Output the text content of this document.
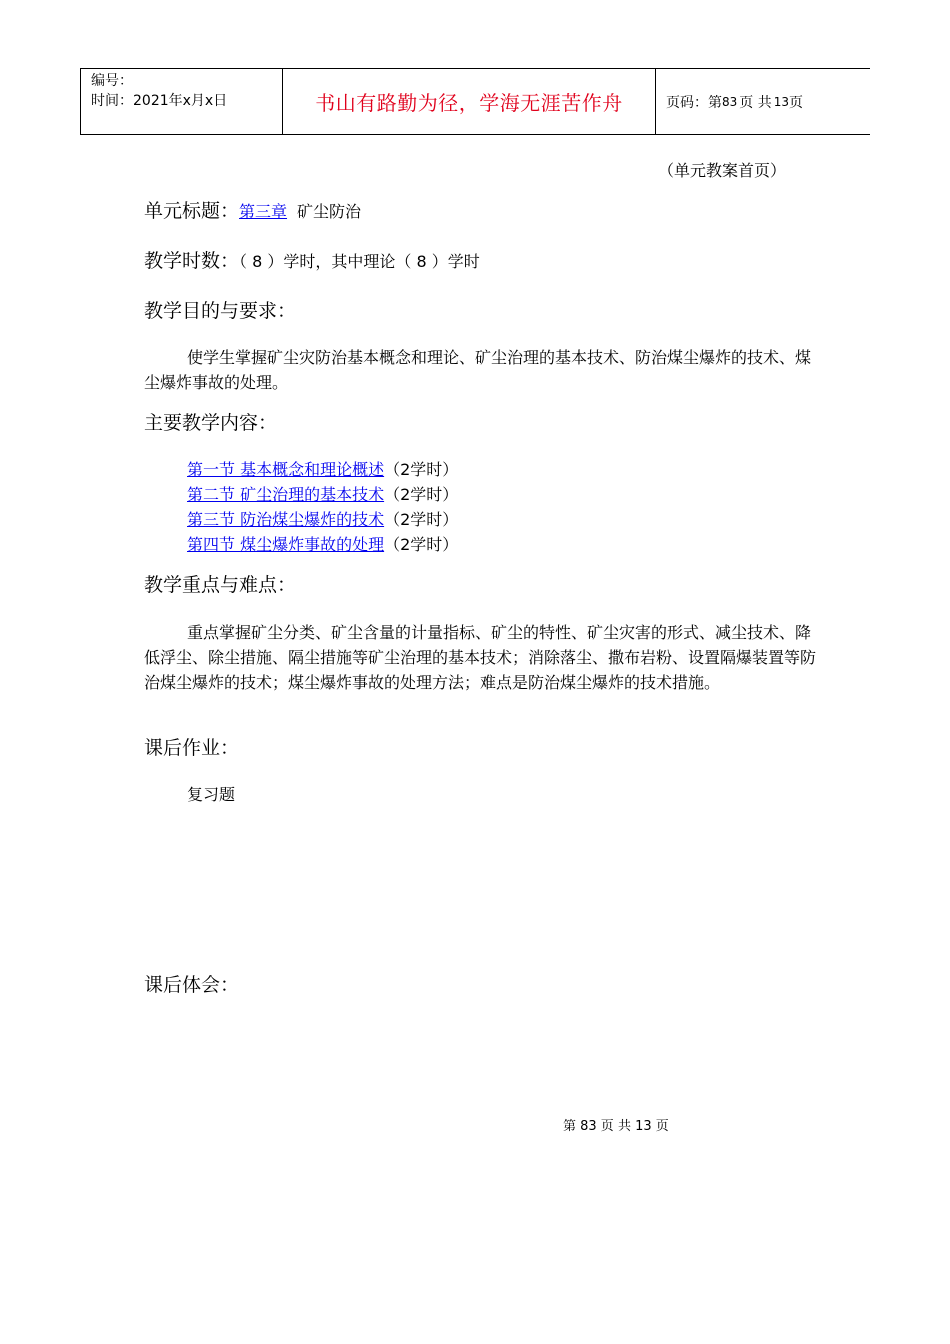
编号：
时间：2021年x月x日	书山有路勤为径，学海无涯苦作舟	页码：第 83 页 共 13 页
（单元教案首页）
单元标题：第三章 矿尘防治
教学时数：（ 8 ）学时，其中理论（ 8 ）学时
教学目的与要求：
使学生掌握矿尘灾防治基本概念和理论、矿尘治理的基本技术、防治煤尘爆炸的技术、煤尘爆炸事故的处理。
主要教学内容：
第一节 基本概念和理论概述（2学时）
第二节 矿尘治理的基本技术（2学时）
第三节 防治煤尘爆炸的技术（2学时）
第四节 煤尘爆炸事故的处理（2学时）
教学重点与难点：
重点掌握矿尘分类、矿尘含量的计量指标、矿尘的特性、矿尘灾害的形式、减尘技术、降低浮尘、除尘措施、隔尘措施等矿尘治理的基本技术；消除落尘、撒布岩粉、设置隔爆装置等防治煤尘爆炸的技术；煤尘爆炸事故的处理方法；难点是防治煤尘爆炸的技术措施。
课后作业：
复习题
课后体会：
第 83 页 共 13 页
